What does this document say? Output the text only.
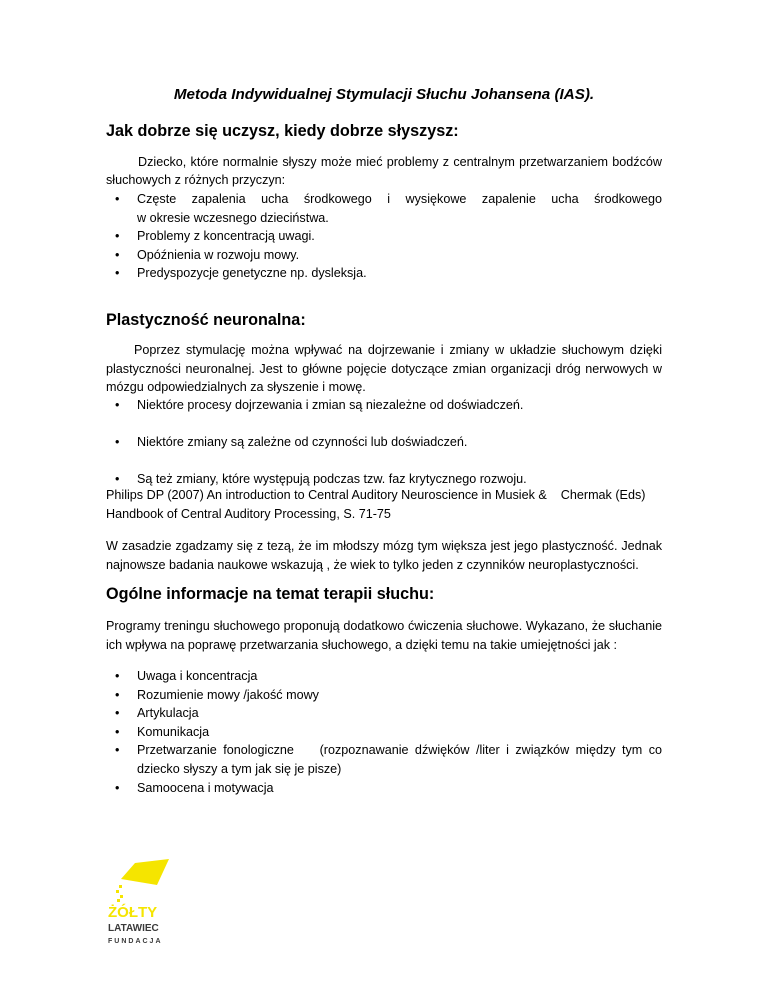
Metoda Indywidualnej Stymulacji Słuchu Johansena (IAS).
Jak dobrze się uczysz, kiedy dobrze słyszysz:

Dziecko, które normalnie słyszy może mieć problemy z centralnym przetwarzaniem bodźców

słuchowych z różnych przyczyn:

• Częste zapalenia ucha środkowego i wysiękowe zapalenie ucha środkowego
w okresie wczesnego dzieciństwa.
• Problemy z koncentracją uwagi.
• Opóźnienia w rozwoju mowy.
• Predyspozycje genetyczne np. dysleksja.
Plastyczność neuronalna:

Poprzez stymulację można wpływać na dojrzewanie i zmiany w układzie słuchowym dzięki plastyczności neuronalnej. Jest to główne pojęcie dotyczące zmian organizacji dróg nerwowych w mózgu odpowiedzialnych za słyszenie i mowę.

• Niektóre procesy dojrzewania i zmian są niezależne od doświadczeń.
• Niektóre zmiany są zależne od czynności lub doświadczeń.
• Są też zmiany, które występują podczas tzw. faz krytycznego rozwoju.

Philips DP (2007) An introduction to Central Auditory Neuroscience in Musiek &    Chermak (Eds)

Handbook of Central Auditory Processing, S. 71-75

W zasadzie zgadzamy się z tezą, że im młodszy mózg tym większa jest jego plastyczność. Jednak najnowsze badania naukowe wskazują , że wiek to tylko jeden z czynników neuroplastyczności.

Ogólne informacje na temat terapii słuchu:

Programy treningu słuchowego proponują dodatkowo ćwiczenia słuchowe. Wykazano, że słuchanie ich wpływa na poprawę przetwarzania słuchowego, a dzięki temu na takie umiejętności jak :

• Uwaga i koncentracja
• Rozumienie mowy /jakość mowy
• Artykulacja
• Komunikacja
• Przetwarzanie fonologiczne    (rozpoznawanie dźwięków /liter i związków między tym co
dziecko słyszy a tym jak się je pisze)
• Samoocena i motywacja
ŻÓŁTY
LATAWIEC
FUNDACJA
